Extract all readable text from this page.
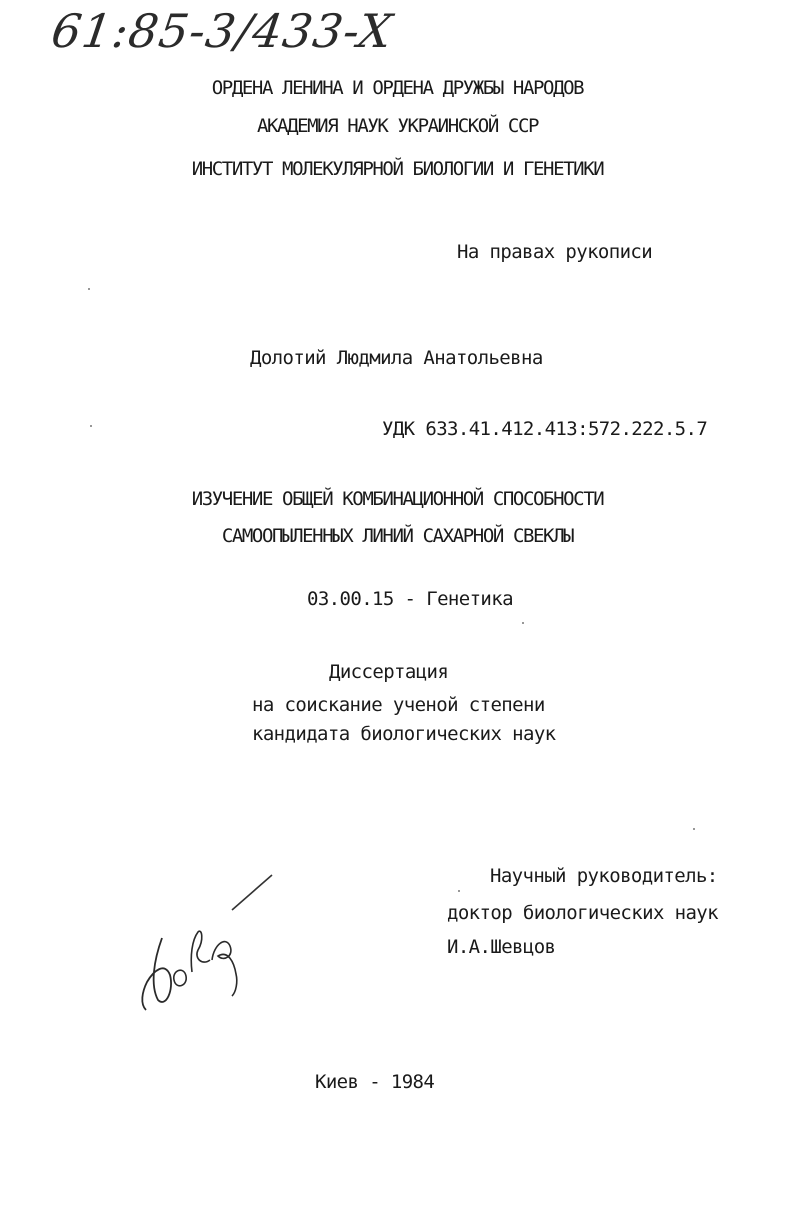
61:85-3/433-X
ОРДЕНА ЛЕНИНА И ОРДЕНА ДРУЖБЫ НАРОДОВ
АКАДЕМИЯ НАУК УКРАИНСКОЙ ССР
ИНСТИТУТ МОЛЕКУЛЯРНОЙ БИОЛОГИИ И ГЕНЕТИКИ
На правах рукописи
Долотий Людмила Анатольевна
УДК 633.41.412.413:572.222.5.7
ИЗУЧЕНИЕ ОБЩЕЙ КОМБИНАЦИОННОЙ СПОСОБНОСТИ
САМООПЫЛЕННЫХ ЛИНИЙ САХАРНОЙ СВЕКЛЫ
03.00.15 - Генетика
Диссертация
на соискание ученой степени
кандидата биологических наук
Научный руководитель:
доктор биологических наук
И.А.Шевцов
Киев - 1984
